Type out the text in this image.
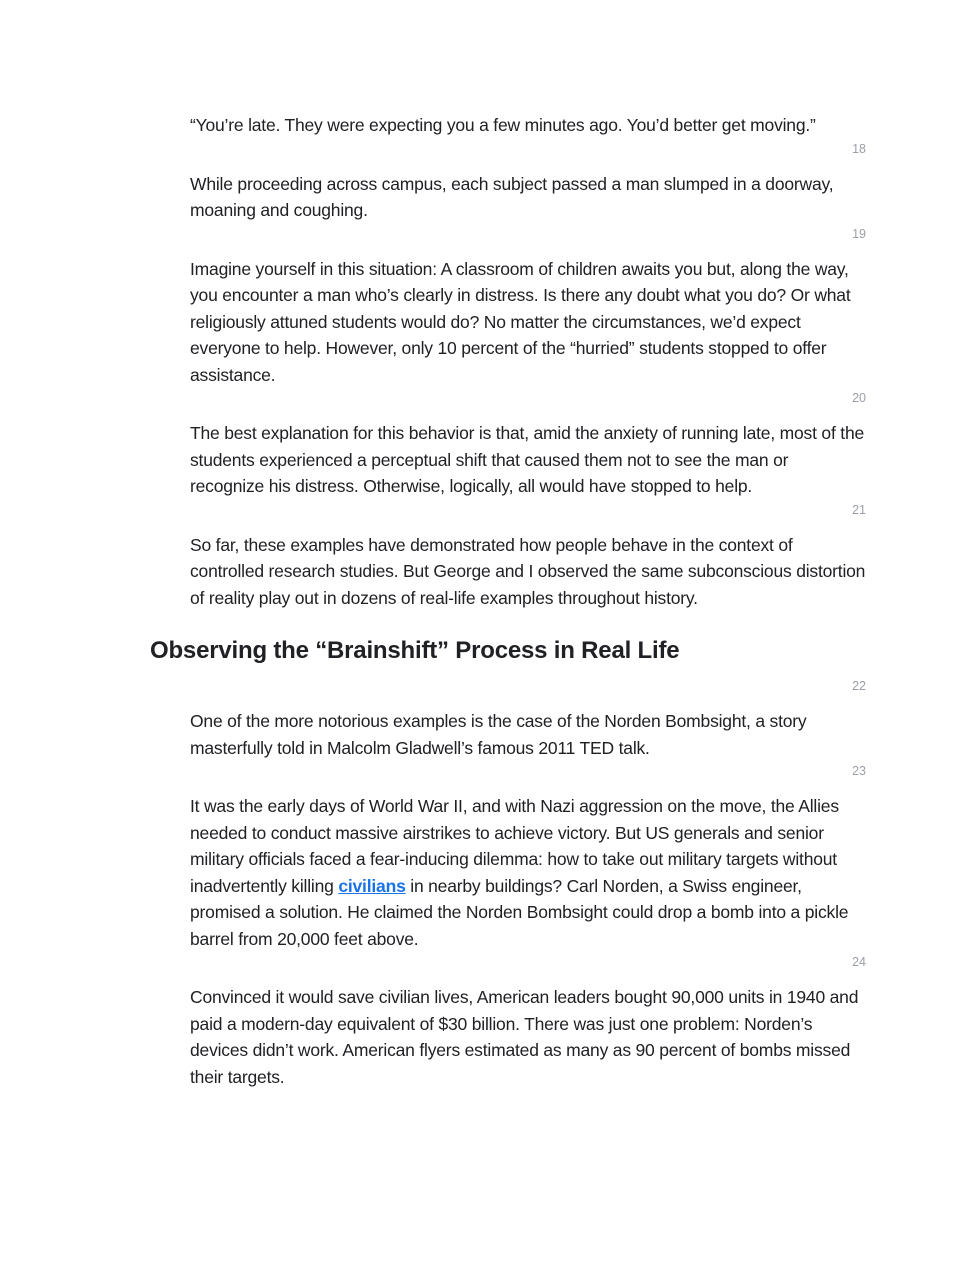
“You’re late. They were expecting you a few minutes ago. You’d better get moving.”

18

While proceeding across campus, each subject passed a man slumped in a doorway, moaning and coughing.

19

Imagine yourself in this situation: A classroom of children awaits you but, along the way, you encounter a man who’s clearly in distress. Is there any doubt what you do? Or what religiously attuned students would do? No matter the circumstances, we’d expect everyone to help. However, only 10 percent of the “hurried” students stopped to offer assistance.

20

The best explanation for this behavior is that, amid the anxiety of running late, most of the students experienced a perceptual shift that caused them not to see the man or recognize his distress. Otherwise, logically, all would have stopped to help.

21

So far, these examples have demonstrated how people behave in the context of controlled research studies. But George and I observed the same subconscious distortion of reality play out in dozens of real-life examples throughout history.

Observing the “Brainshift” Process in Real Life
22

One of the more notorious examples is the case of the Norden Bombsight, a story masterfully told in Malcolm Gladwell’s famous 2011 TED talk.

23

It was the early days of World War II, and with Nazi aggression on the move, the Allies needed to conduct massive airstrikes to achieve victory. But US generals and senior military officials faced a fear-inducing dilemma: how to take out military targets without inadvertently killing civilians in nearby buildings? Carl Norden, a Swiss engineer, promised a solution. He claimed the Norden Bombsight could drop a bomb into a pickle barrel from 20,000 feet above.

24

Convinced it would save civilian lives, American leaders bought 90,000 units in 1940 and paid a modern-day equivalent of $30 billion. There was just one problem: Norden’s devices didn’t work. American flyers estimated as many as 90 percent of bombs missed their targets.
